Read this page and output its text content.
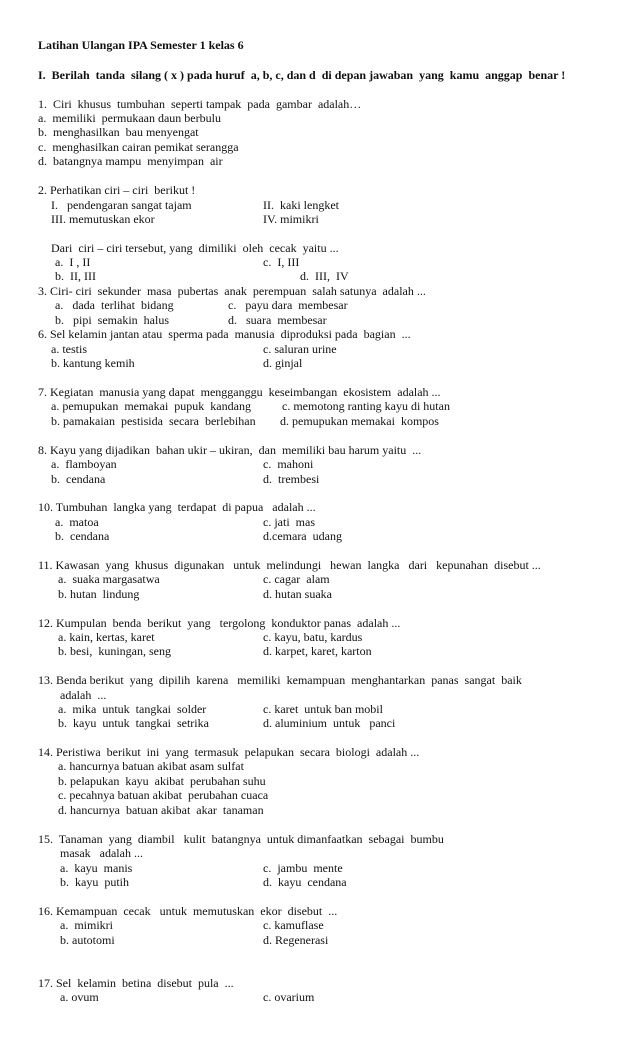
Latihan Ulangan IPA Semester 1 kelas 6
I.  Berilah  tanda  silang ( x ) pada huruf  a, b, c, dan d  di depan jawaban  yang  kamu  anggap  benar !
1.  Ciri  khusus  tumbuhan  seperti tampak  pada  gambar  adalah…
a.  memiliki  permukaan daun berbulu
b.  menghasilkan  bau menyengat
c.  menghasilkan cairan pemikat serangga
d.  batangnya mampu  menyimpan  air
2. Perhatikan ciri – ciri  berikut !
I.   pendengaran sangat tajam	II.  kaki lengket
III. memutuskan ekor	IV. mimikri
Dari  ciri – ciri tersebut, yang  dimiliki  oleh  cecak  yaitu ...
a.  I , II	c.  I, III
b.  II, III	d.  III,  IV
3. Ciri- ciri  sekunder  masa  pubertas  anak  perempuan  salah satunya  adalah ...
a.   dada  terlihat  bidang	c.   payu dara  membesar
b.   pipi  semakin  halus	d.   suara  membesar
6. Sel kelamin jantan atau  sperma pada  manusia  diproduksi pada  bagian  ...
a. testis	c. saluran urine
b. kantung kemih	d. ginjal
7. Kegiatan  manusia yang dapat  mengganggu  keseimbangan  ekosistem  adalah ...
a. pemupukan  memakai  pupuk  kandang	c. memotong ranting kayu di hutan
b. pamakaian  pestisida  secara  berlebihan d. pemupukan memakai  kompos
8. Kayu yang dijadikan  bahan ukir – ukiran,  dan  memiliki bau harum yaitu  ...
a.  flamboyan	c.  mahoni
b.  cendana	d.  trembesi
10. Tumbuhan  langka yang  terdapat  di papua   adalah ...
a.  matoa	c. jati  mas
b.  cendana	d.cemara  udang
11. Kawasan  yang  khusus  digunakan   untuk  melindungi   hewan  langka   dari   kepunahan  disebut ...
a.  suaka margasatwa	c. cagar  alam
b. hutan  lindung	d. hutan suaka
12. Kumpulan  benda  berikut  yang   tergolong  konduktor panas  adalah ...
a. kain, kertas, karet	c. kayu, batu, kardus
b. besi,  kuningan, seng	d. karpet, karet, karton
13. Benda berikut  yang  dipilih  karena   memiliki  kemampuan  menghantarkan  panas  sangat  baik
adalah  ...
a.  mika  untuk  tangkai  solder	c. karet  untuk ban mobil
b.  kayu  untuk  tangkai  setrika	d. aluminium  untuk   panci
14. Peristiwa  berikut  ini  yang  termasuk  pelapukan  secara  biologi  adalah ...
a. hancurnya batuan akibat asam sulfat
b. pelapukan  kayu  akibat  perubahan suhu
c. pecahnya batuan akibat  perubahan cuaca
d. hancurnya  batuan akibat  akar  tanaman
15.  Tanaman  yang  diambil   kulit  batangnya  untuk dimanfaatkan  sebagai  bumbu
masak   adalah ...
a.  kayu  manis	c.  jambu  mente
b.  kayu  putih	d.  kayu  cendana
16. Kemampuan  cecak   untuk  memutuskan  ekor  disebut  ...
a.  mimikri	c. kamuflase
b. autotomi	d. Regenerasi
17. Sel  kelamin  betina  disebut  pula  ...
a. ovum	c. ovarium
